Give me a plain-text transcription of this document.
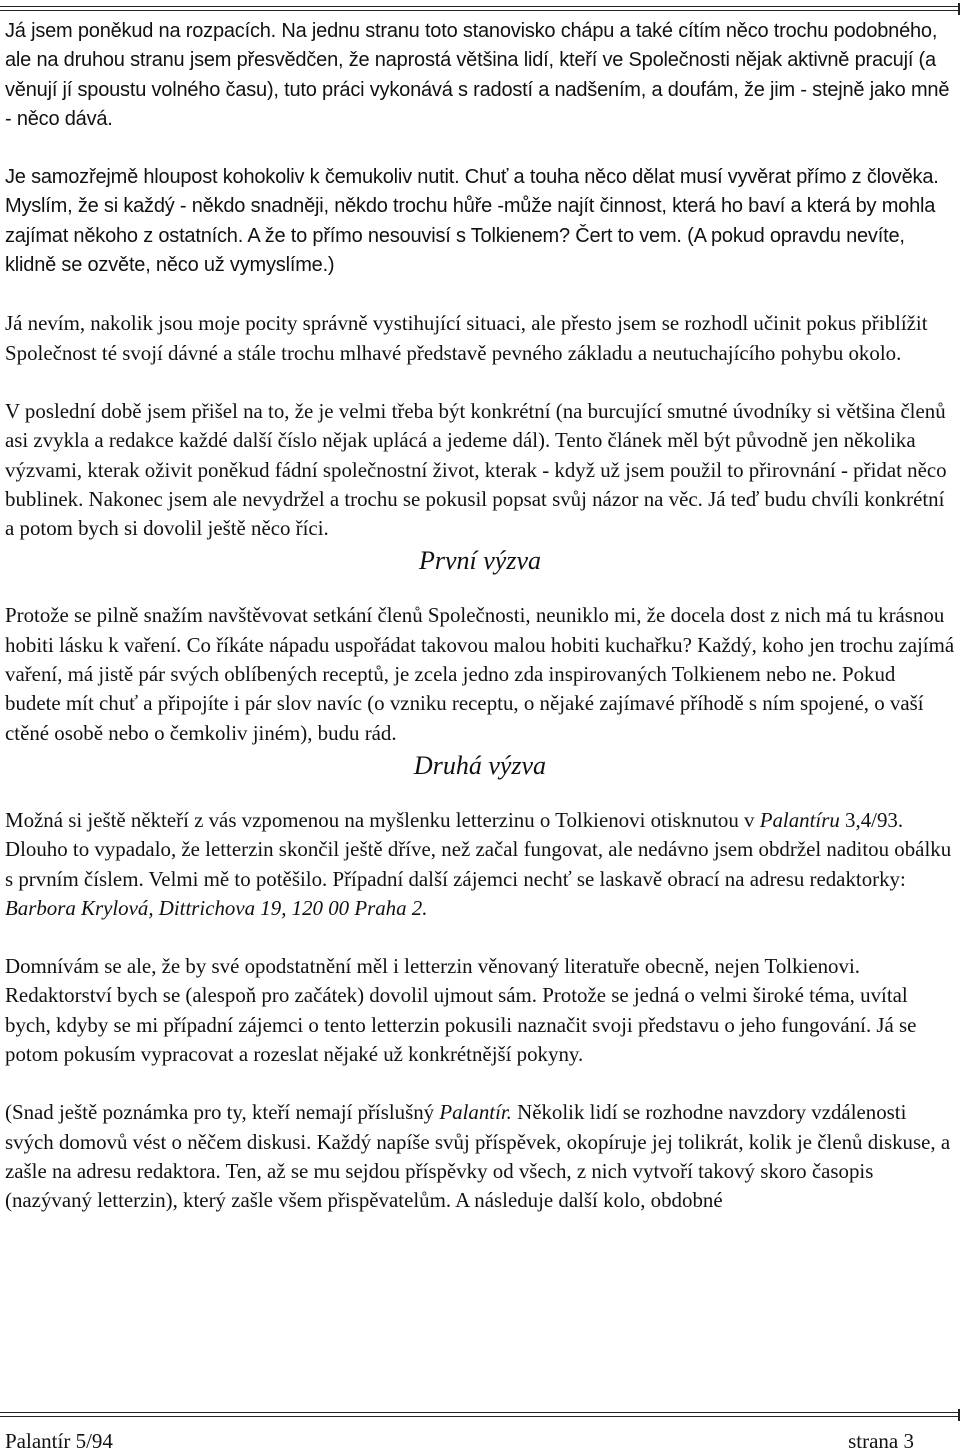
Já jsem poněkud na rozpacích. Na jednu stranu toto stanovisko chápu a také cítím něco trochu podobného, ale na druhou stranu jsem přesvědčen, že naprostá většina lidí, kteří ve Společnosti nějak aktivně pracují (a věnují jí spoustu volného času), tuto práci vykonává s radostí a nadšením, a doufám, že jim - stejně jako mně - něco dává.

Je samozřejmě hloupost kohokoliv k čemukoliv nutit. Chuť a touha něco dělat musí vyvěrat přímo z člověka. Myslím, že si každý - někdo snadněji, někdo trochu hůře -může najít činnost, která ho baví a která by mohla zajímat někoho z ostatních. A že to přímo nesouvisí s Tolkienem? Čert to vem. (A pokud opravdu nevíte, klidně se ozvěte, něco už vymyslíme.)

Já nevím, nakolik jsou moje pocity správně vystihující situaci, ale přesto jsem se rozhodl učinit pokus přiblížit Společnost té svojí dávné a stále trochu mlhavé představě pevného základu a neutuchajícího pohybu okolo.

V poslední době jsem přišel na to, že je velmi třeba být konkrétní (na burcující smutné úvodníky si většina členů asi zvykla a redakce každé další číslo nějak uplácá a jedeme dál). Tento článek měl být původně jen několika výzvami, kterak oživit poněkud fádní společnostní život, kterak - když už jsem použil to přirovnání - přidat něco bublinek. Nakonec jsem ale nevydržel a trochu se pokusil popsat svůj názor na věc. Já teď budu chvíli konkrétní a potom bych si dovolil ještě něco říci.

První výzva

Protože se pilně snažím navštěvovat setkání členů Společnosti, neuniklo mi, že docela dost z nich má tu krásnou hobiti lásku k vaření. Co říkáte nápadu uspořádat takovou malou hobiti kuchařku? Každý, koho jen trochu zajímá vaření, má jistě pár svých oblíbených receptů, je zcela jedno zda inspirovaných Tolkienem nebo ne. Pokud budete mít chuť a připojíte i pár slov navíc (o vzniku receptu, o nějaké zajímavé příhodě s ním spojené, o vaší ctěné osobě nebo o čemkoliv jiném), budu rád.

Druhá výzva

Možná si ještě někteří z vás vzpomenou na myšlenku letterzinu o Tolkienovi otisknutou v Palantíru 3,4/93. Dlouho to vypadalo, že letterzin skončil ještě dříve, než začal fungovat, ale nedávno jsem obdržel naditou obálku s prvním číslem. Velmi mě to potěšilo. Případní další zájemci nechť se laskavě obrací na adresu redaktorky: Barbora Krylová, Dittrichova 19, 120 00 Praha 2.

Domnívám se ale, že by své opodstatnění měl i letterzin věnovaný literatuře obecně, nejen Tolkienovi. Redaktorství bych se (alespoň pro začátek) dovolil ujmout sám. Protože se jedná o velmi široké téma, uvítal bych, kdyby se mi případní zájemci o tento letterzin pokusili naznačit svoji představu o jeho fungování. Já se potom pokusím vypracovat a rozeslat nějaké už konkrétnější pokyny.

(Snad ještě poznámka pro ty, kteří nemají příslušný Palantír. Několik lidí se rozhodne navzdory vzdálenosti svých domovů vést o něčem diskusi. Každý napíše svůj příspěvek, okopíruje jej tolikrát, kolik je členů diskuse, a zašle na adresu redaktora. Ten, až se mu sejdou příspěvky od všech, z nich vytvoří takový skoro časopis (nazývaný letterzin), který zašle všem přispěvatelům. A následuje další kolo, obdobné

Palantír 5/94	strana 3
